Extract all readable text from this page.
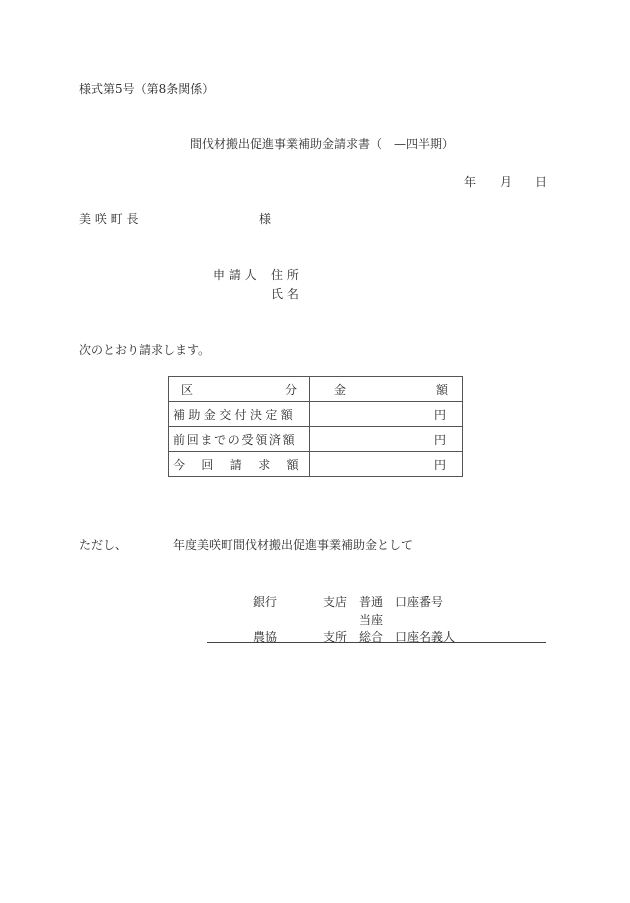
様式第5号（第8条関係）
間伐材搬出促進事業補助金請求書（　—四半期）
年 月 日
美 咲 町 長	様
申 請 人 住 所
氏 名
次のとおり請求します。
区 分	金 額

補助金交付決定額	円
前回までの受領済額	円
今　回　請　求　額	円
ただし、	年度美咲町間伐材搬出促進事業補助金として
銀行	支店 普通 口座番号
当座
農協	支所 総合 口座名義人
